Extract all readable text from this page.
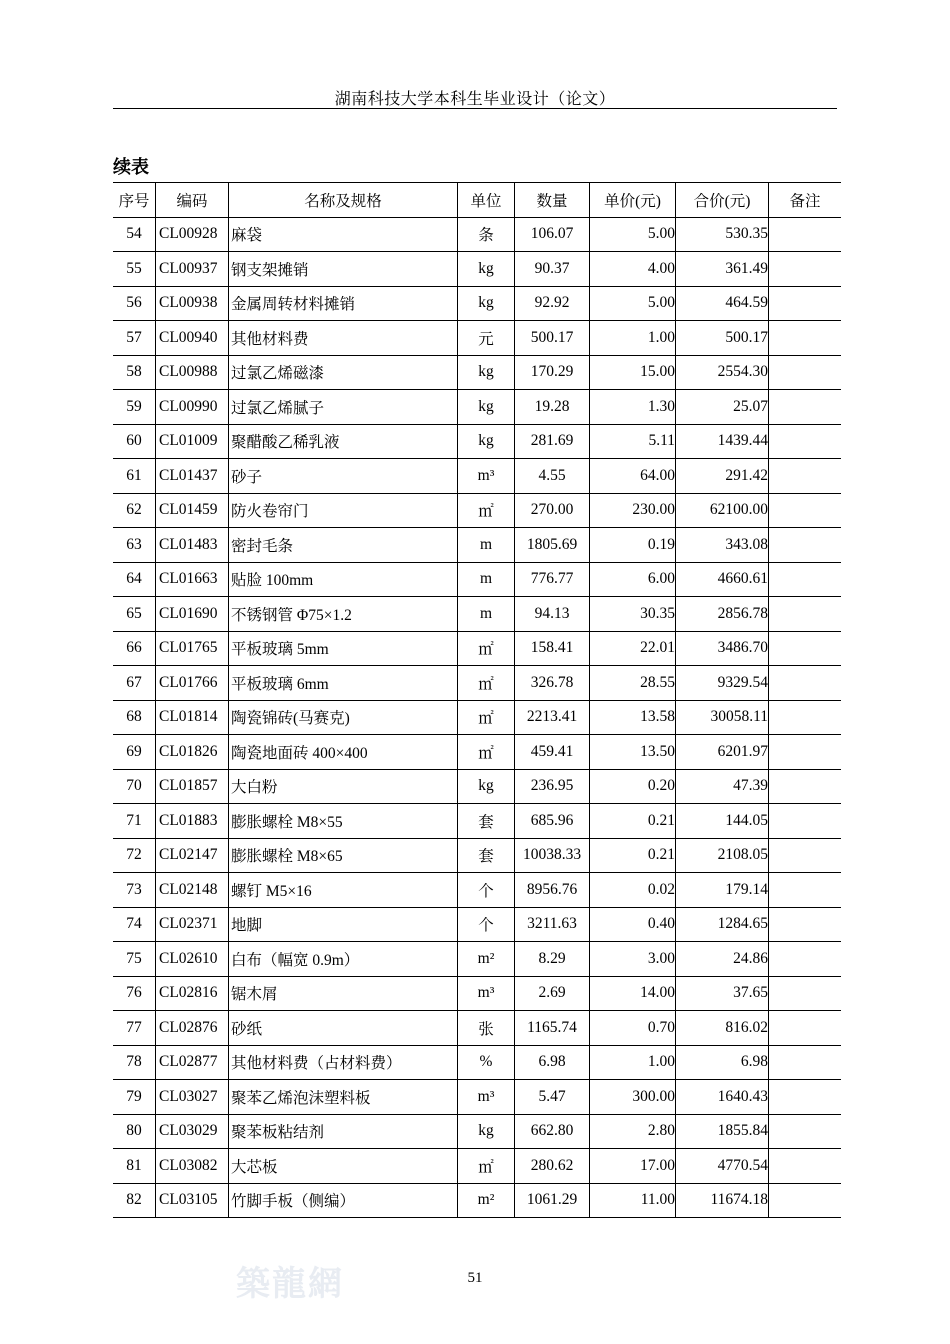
湖南科技大学本科生毕业设计（论文）
续表
序号	编码	名称及规格	单位	数量	单价(元)	合价(元)	备注
54	CL00928	麻袋	条	106.07	5.00	530.35	
55	CL00937	钢支架摊销	kg	90.37	4.00	361.49	
56	CL00938	金属周转材料摊销	kg	92.92	5.00	464.59	
57	CL00940	其他材料费	元	500.17	1.00	500.17	
58	CL00988	过氯乙烯磁漆	kg	170.29	15.00	2554.30	
59	CL00990	过氯乙烯腻子	kg	19.28	1.30	25.07	
60	CL01009	聚醋酸乙稀乳液	kg	281.69	5.11	1439.44	
61	CL01437	砂子	m³	4.55	64.00	291.42	
62	CL01459	防火卷帘门	㎡	270.00	230.00	62100.00	
63	CL01483	密封毛条	m	1805.69	0.19	343.08	
64	CL01663	贴脸 100mm	m	776.77	6.00	4660.61	
65	CL01690	不锈钢管 Φ75×1.2	m	94.13	30.35	2856.78	
66	CL01765	平板玻璃 5mm	㎡	158.41	22.01	3486.70	
67	CL01766	平板玻璃 6mm	㎡	326.78	28.55	9329.54	
68	CL01814	陶瓷锦砖(马赛克)	㎡	2213.41	13.58	30058.11	
69	CL01826	陶瓷地面砖 400×400	㎡	459.41	13.50	6201.97	
70	CL01857	大白粉	kg	236.95	0.20	47.39	
71	CL01883	膨胀螺栓 M8×55	套	685.96	0.21	144.05	
72	CL02147	膨胀螺栓 M8×65	套	10038.33	0.21	2108.05	
73	CL02148	螺钉 M5×16	个	8956.76	0.02	179.14	
74	CL02371	地脚	个	3211.63	0.40	1284.65	
75	CL02610	白布（幅宽 0.9m）	m²	8.29	3.00	24.86	
76	CL02816	锯木屑	m³	2.69	14.00	37.65	
77	CL02876	砂纸	张	1165.74	0.70	816.02	
78	CL02877	其他材料费（占材料费）	%	6.98	1.00	6.98	
79	CL03027	聚苯乙烯泡沫塑料板	m³	5.47	300.00	1640.43	
80	CL03029	聚苯板粘结剂	kg	662.80	2.80	1855.84	
81	CL03082	大芯板	㎡	280.62	17.00	4770.54	
82	CL03105	竹脚手板（侧编）	m²	1061.29	11.00	11674.18	
築龍網	51
